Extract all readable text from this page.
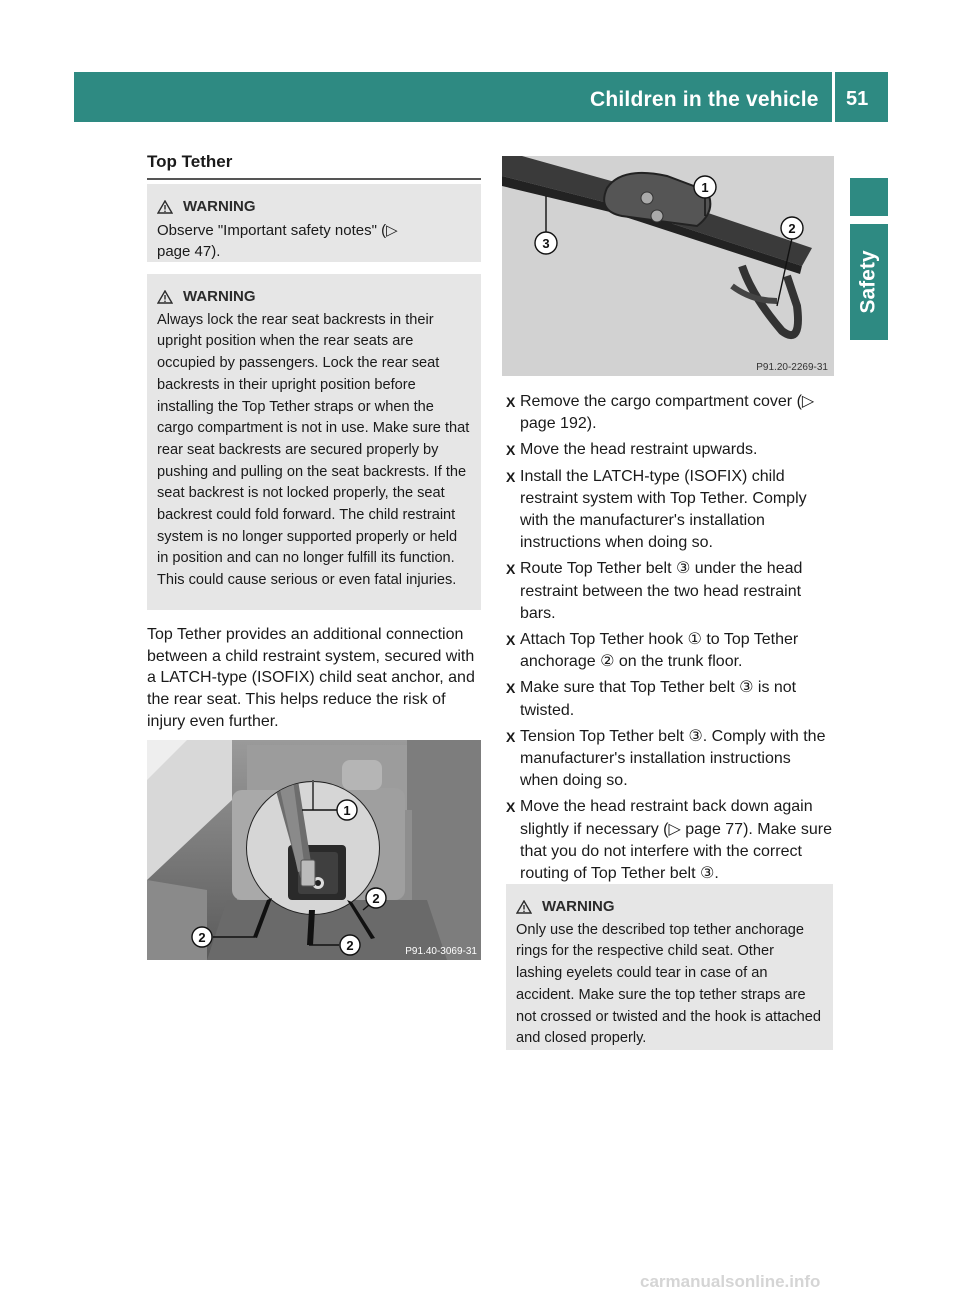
Children in the vehicle 51
Safety
Top Tether
WARNING
Observe "Important safety notes" (▷ page 47).
WARNING
Always lock the rear seat backrests in their upright position when the rear seats are occupied by passengers. Lock the rear seat backrests in their upright position before installing the Top Tether straps or when the cargo compartment is not in use. Make sure that rear seat backrests are secured properly by pushing and pulling on the seat backrests. If the seat backrest is not locked properly, the seat backrest could fold forward. The child restraint system is no longer supported properly or held in position and can no longer fulfill its function. This could cause serious or even fatal injuries.
Top Tether provides an additional connection between a child restraint system, secured with a LATCH-type (ISOFIX) child seat anchor, and the rear seat. This helps reduce the risk of injury even further.
1
2
2
2	P91.40-3069-31
1
2
3
P91.20-2269-31
X Remove the cargo compartment cover (▷ page 192).
X Move the head restraint upwards.
X Install the LATCH-type (ISOFIX) child restraint system with Top Tether. Comply with the manufacturer's installation instructions when doing so.
X Route Top Tether belt ③ under the head restraint between the two head restraint bars.
X Attach Top Tether hook ① to Top Tether anchorage ② on the trunk floor.
X Make sure that Top Tether belt ③ is not twisted.
X Tension Top Tether belt ③. Comply with the manufacturer's installation instructions when doing so.
X Move the head restraint back down again slightly if necessary (▷ page 77). Make sure that you do not interfere with the correct routing of Top Tether belt ③.
WARNING
Only use the described top tether anchorage rings for the respective child seat. Other lashing eyelets could tear in case of an accident. Make sure the top tether straps are not crossed or twisted and the hook is attached and closed properly.
carmanualsonline.info
